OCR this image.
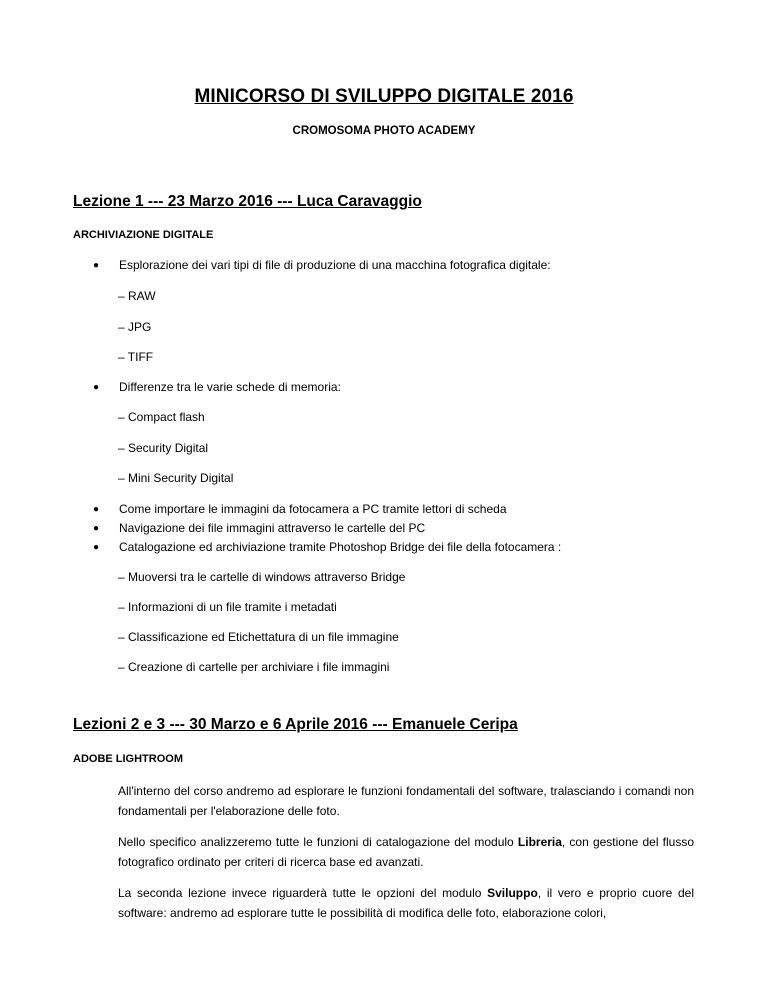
MINICORSO DI SVILUPPO DIGITALE 2016
CROMOSOMA PHOTO ACADEMY
Lezione 1 --- 23 Marzo 2016 --- Luca Caravaggio
ARCHIVIAZIONE DIGITALE
● Esplorazione dei vari tipi di file di produzione di una macchina fotografica digitale:
– RAW
– JPG
– TIFF
● Differenze tra le varie schede di memoria:
– Compact flash
– Security Digital
– Mini Security Digital
● Come importare le immagini da fotocamera a PC tramite lettori di scheda
● Navigazione dei file immagini attraverso le cartelle del PC
● Catalogazione ed archiviazione tramite Photoshop Bridge dei file della fotocamera :
– Muoversi tra le cartelle di windows attraverso Bridge
– Informazioni di un file tramite i metadati
– Classificazione ed Etichettatura di un file immagine
– Creazione di cartelle per archiviare i file immagini
Lezioni 2 e 3 --- 30 Marzo e 6 Aprile 2016 --- Emanuele Ceripa
ADOBE LIGHTROOM
All'interno del corso andremo ad esplorare le funzioni fondamentali del software, tralasciando i comandi non fondamentali per l'elaborazione delle foto.
Nello specifico analizzeremo tutte le funzioni di catalogazione del modulo Libreria, con gestione del flusso fotografico ordinato per criteri di ricerca base ed avanzati.
La seconda lezione invece riguarderà tutte le opzioni del modulo Sviluppo, il vero e proprio cuore del software: andremo ad esplorare tutte le possibilità di modifica delle foto, elaborazione colori,
